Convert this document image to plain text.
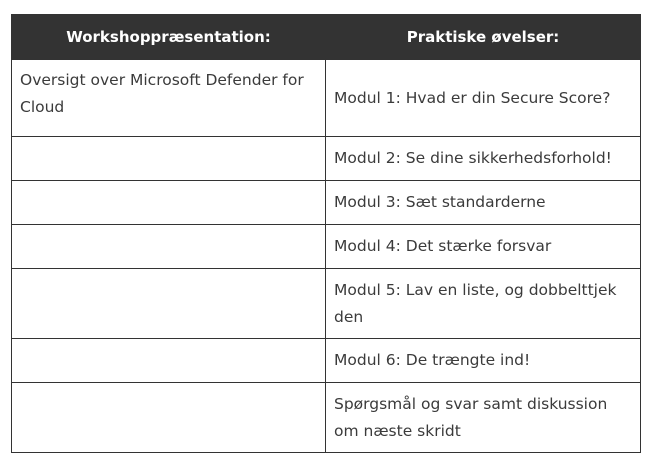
Workshoppræsentation:	Praktiske øvelser:
Oversigt over Microsoft Defender for Cloud	Modul 1: Hvad er din Secure Score?
	Modul 2: Se dine sikkerhedsforhold!
	Modul 3: Sæt standarderne
	Modul 4: Det stærke forsvar
	Modul 5: Lav en liste, og dobbelttjek den
	Modul 6: De trængte ind!
	Spørgsmål og svar samt diskussion om næste skridt
